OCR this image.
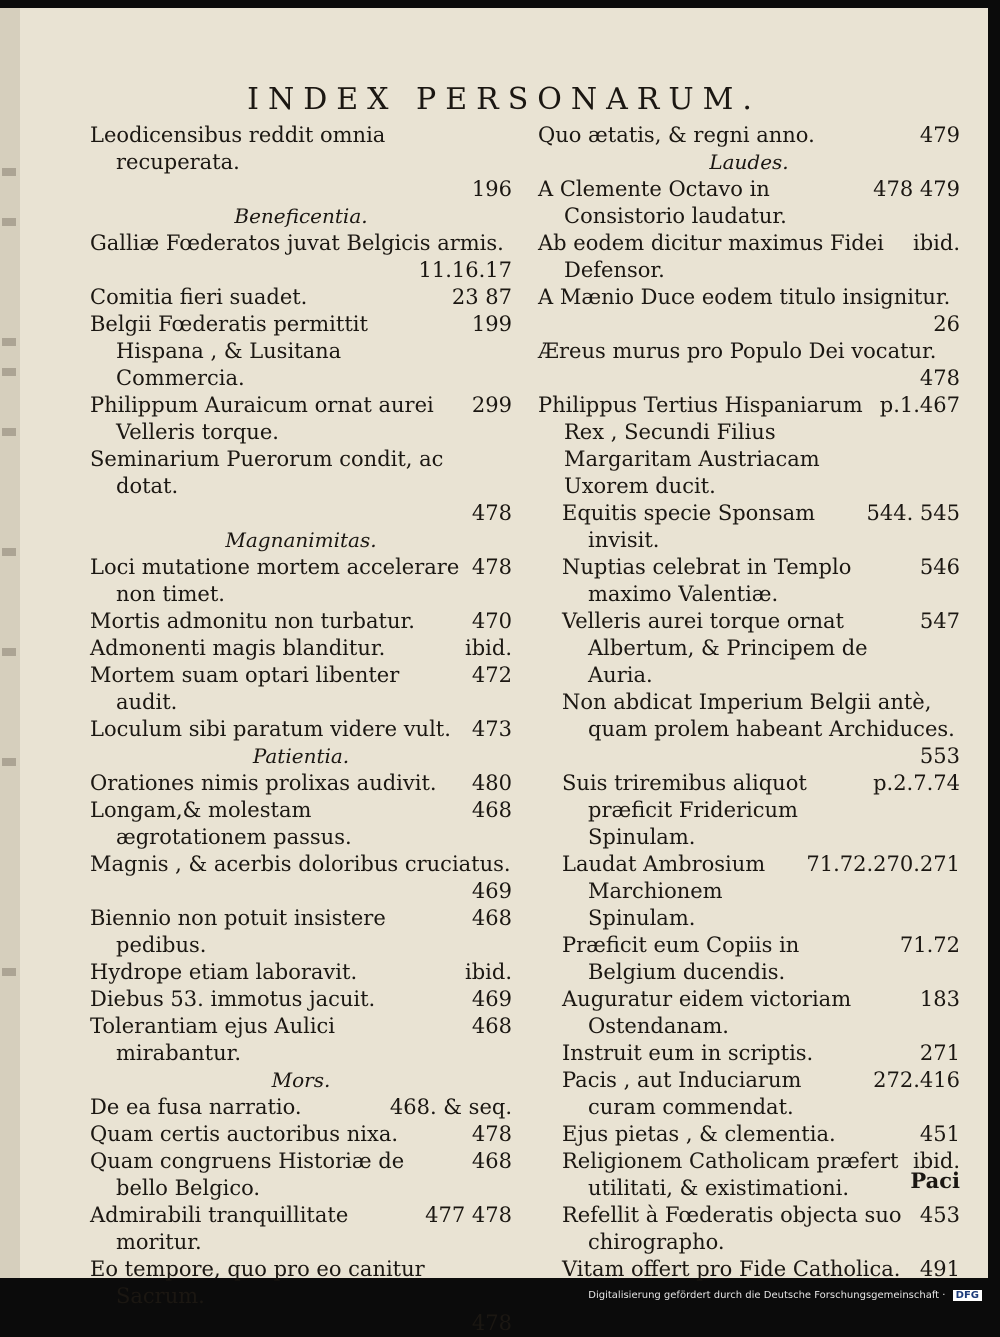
INDEX PERSONARUM.
Leodicensibus reddit omnia recuperata.
196
Beneficentia.
Galliæ Fœderatos juvat Belgicis armis.
11.16.17
Comitia fieri suadet.	23 87
Belgii Fœderatis permittit Hispana , & Lusitana Commercia.
199
Philippum Auraicum ornat aurei Velleris torque.
299
Seminarium Puerorum condit, ac dotat.
478
Magnanimitas.
Loci mutatione mortem accelerare non timet.
478
Mortis admonitu non turbatur.	470
Admonenti magis blanditur.	ibid.
Mortem suam optari libenter audit.
472
Loculum sibi paratum videre vult. 473
Patientia.
Orationes nimis prolixas audivit.	480
Longam,& molestam ægrotationem passus.
468
Magnis , & acerbis doloribus cruciatus.
469
Biennio non potuit insistere pedibus.
468
Hydrope etiam laboravit.	ibid.
Diebus 53. immotus jacuit.	469
Tolerantiam ejus Aulici mirabantur.
468
Mors.
De ea fusa narratio.	468. & seq.
Quam certis auctoribus nixa.	478
Quam congruens Historiæ de bello Belgico.
468
Admirabili tranquillitate moritur.
477 478
Eo tempore, quo pro eo canitur Sacrum.
478
Quo ætatis, & regni anno.	479
Laudes.
A Clemente Octavo in Consistorio laudatur.
478 479
Ab eodem dicitur maximus Fidei Defensor.
ibid.
A Mænio Duce eodem titulo insignitur.
26
Æreus murus pro Populo Dei vocatur.
478
Philippus Tertius Hispaniarum Rex , Secundi Filius Margaritam Austriacam Uxorem ducit.
p.1.467
Equitis specie Sponsam invisit.
544. 545
Nuptias celebrat in Templo maximo Valentiæ.
546
Velleris aurei torque ornat Albertum, & Principem de Auria.
547
Non abdicat Imperium Belgii antè, quam prolem habeant Archiduces.
553
Suis triremibus aliquot præficit Fridericum Spinulam.
p.2.7.74
Laudat Ambrosium Marchionem Spinulam.
71.72.270.271
Præficit eum Copiis in Belgium ducendis.
71.72
Auguratur eidem victoriam Ostendanam.
183
Instruit eum in scriptis.	271
Pacis , aut Induciarum curam commendat.
272.416
Ejus pietas , & clementia.	451
Religionem Catholicam præfert utilitati, & existimationi.
ibid.
Refellit à Fœderatis objecta suo chirographo.
453
Vitam offert pro Fide Catholica. 491
Paci
Digitalisierung gefördert durch die Deutsche Forschungsgemeinschaft · DFG
